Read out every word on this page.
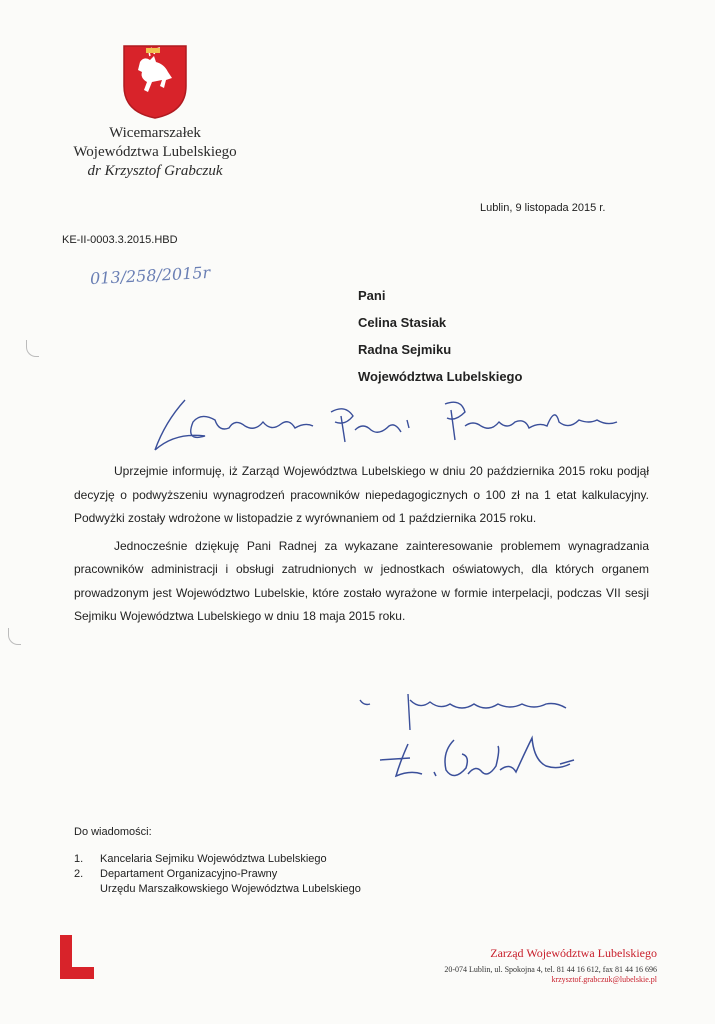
Wicemarszałek
Województwa Lubelskiego
dr Krzysztof Grabczuk
Lublin, 9 listopada 2015 r.
KE-II-0003.3.2015.HBD
013/258/2015r
Pani
Celina Stasiak
Radna Sejmiku
Województwa Lubelskiego

Uprzejmie informuję, iż Zarząd Województwa Lubelskiego w dniu 20 października 2015 roku podjął decyzję o podwyższeniu wynagrodzeń pracowników niepedagogicznych o 100 zł na 1 etat kalkulacyjny. Podwyżki zostały wdrożone w listopadzie z wyrównaniem od 1 października 2015 roku.

Jednocześnie dziękuję Pani Radnej za wykazane zainteresowanie problemem wynagradzania pracowników administracji i obsługi zatrudnionych w jednostkach oświatowych, dla których organem prowadzonym jest Województwo Lubelskie, które zostało wyrażone w formie interpelacji, podczas VII sesji Sejmiku Województwa Lubelskiego w dniu 18 maja 2015 roku.

Do wiadomości:
1. Kancelaria Sejmiku Województwa Lubelskiego
2. Departament Organizacyjno-Prawny
Urzędu Marszałkowskiego Województwa Lubelskiego
Zarząd Województwa Lubelskiego
20-074 Lublin, ul. Spokojna 4, tel. 81 44 16 612, fax 81 44 16 696
krzysztof.grabczuk@lubelskie.pl
